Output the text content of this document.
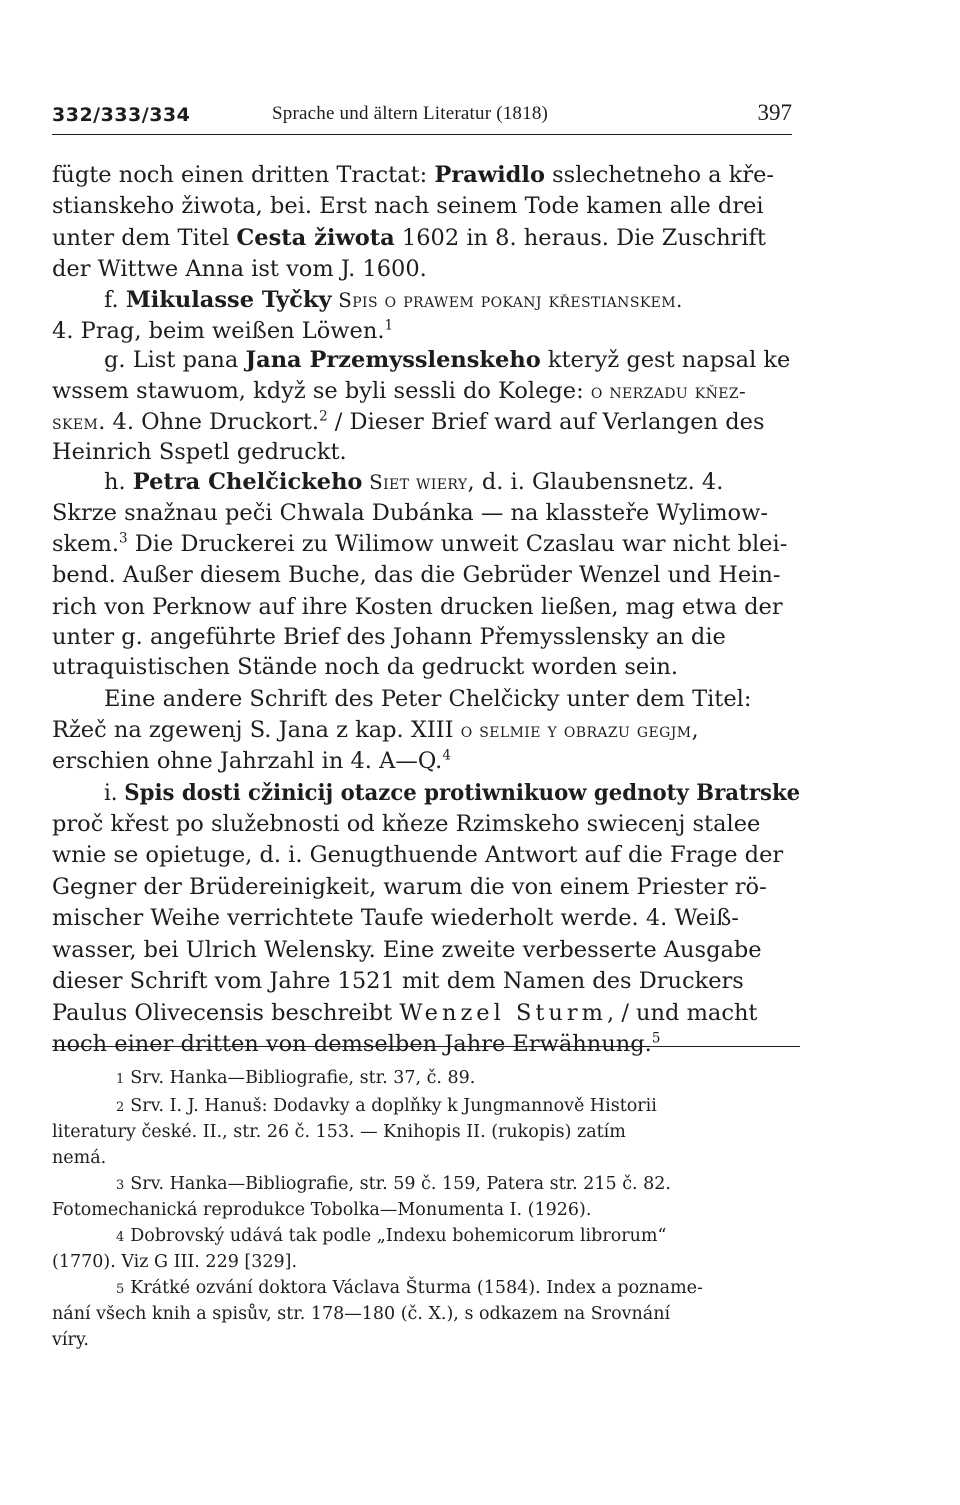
332/333/334	Sprache und ältern Literatur (1818)	397
fügte noch einen dritten Tractat: Prawidlo sslechetneho a kře-
stianskeho žiwota, bei. Erst nach seinem Tode kamen alle drei
unter dem Titel Cesta žiwota 1602 in 8. heraus. Die Zuschrift
der Wittwe Anna ist vom J. 1600.
f. Mikulasse Tyčky Spis o prawem pokanj křestianskem.
4. Prag, beim weißen Löwen.$^1$
g. List pana Jana Przemysslenskeho kteryž gest napsal ke
wssem stawuom, když se byli sessli do Kolege: o nerzadu kňez-
skem. 4. Ohne Druckort.$^2$ / Dieser Brief ward auf Verlangen des
Heinrich Sspetl gedruckt.
h. Petra Chelčickeho Siet wiery, d. i. Glaubensnetz. 4.
Skrze snažnau peči Chwala Dubánka — na klassteře Wylimow-
skem.$^3$ Die Druckerei zu Wilimow unweit Czaslau war nicht blei-
bend. Außer diesem Buche, das die Gebrüder Wenzel und Hein-
rich von Perknow auf ihre Kosten drucken ließen, mag etwa der
unter g. angeführte Brief des Johann Přemysslensky an die
utraquistischen Stände noch da gedruckt worden sein.
Eine andere Schrift des Peter Chelčicky unter dem Titel:
Ržeč na zgewenj S. Jana z kap. XIII o selmie y obrazu gegjm,
erschien ohne Jahrzahl in 4. A—Q.$^4$
i. Spis dosti cžinicij otazce protiwnikuow gednoty Bratrske
proč křest po služebnosti od kňeze Rzimskeho swiecenj stalee
wnie se opietuge, d. i. Genugthuende Antwort auf die Frage der
Gegner der Brüdereinigkeit, warum die von einem Priester rö-
mischer Weihe verrichtete Taufe wiederholt werde. 4. Weiß-
wasser, bei Ulrich Welensky. Eine zweite verbesserte Ausgabe
dieser Schrift vom Jahre 1521 mit dem Namen des Druckers
Paulus Olivecensis beschreibt Wenzel Sturm, / und macht
noch einer dritten von demselben Jahre Erwähnung.$^5$
1 Srv. Hanka—Bibliografie, str. 37, č. 89.
2 Srv. I. J. Hanuš: Dodavky a doplňky k Jungmannově Historii
literatury české. II., str. 26 č. 153. — Knihopis II. (rukopis) zatím
nemá.
3 Srv. Hanka—Bibliografie, str. 59 č. 159, Patera str. 215 č. 82.
Fotomechanická reprodukce Tobolka—Monumenta I. (1926).
4 Dobrovský udává tak podle „Indexu bohemicorum librorum“
(1770). Viz G III. 229 [329].
5 Krátké ozvání doktora Václava Šturma (1584). Index a poznamе-
nání všech knih a spisův, str. 178—180 (č. X.), s odkazem na Srovnání
víry.
